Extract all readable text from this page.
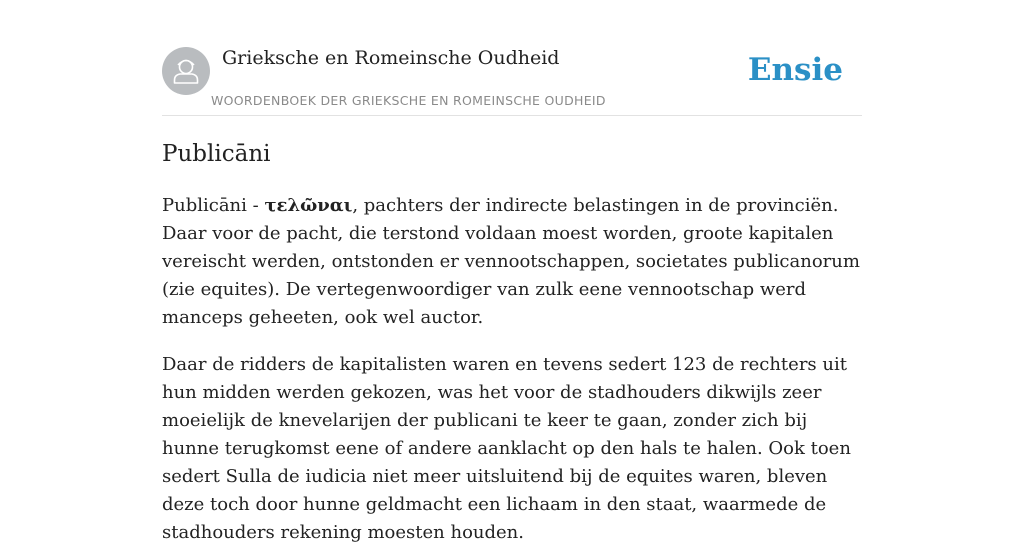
Grieksche en Romeinsche Oudheid
WOORDENBOEK DER GRIEKSCHE EN ROMEINSCHE OUDHEID
Ensie
Publicāni

Publicāni - τελῶναι, pachters der indirecte belastingen in de provinciën. Daar voor de pacht, die terstond voldaan moest worden, groote kapitalen vereischt werden, ontstonden er vennootschappen, societates publicanorum (zie equites). De vertegenwoordiger van zulk eene vennootschap werd manceps geheeten, ook wel auctor.

Daar de ridders de kapitalisten waren en tevens sedert 123 de rechters uit hun midden werden gekozen, was het voor de stadhouders dikwijls zeer moeielijk de knevelarijen der publicani te keer te gaan, zonder zich bij hunne terugkomst eene of andere aanklacht op den hals te halen. Ook toen sedert Sulla de iudicia niet meer uitsluitend bij de equites waren, bleven deze toch door hunne geldmacht een lichaam in den staat, waarmede de stadhouders rekening moesten houden.
